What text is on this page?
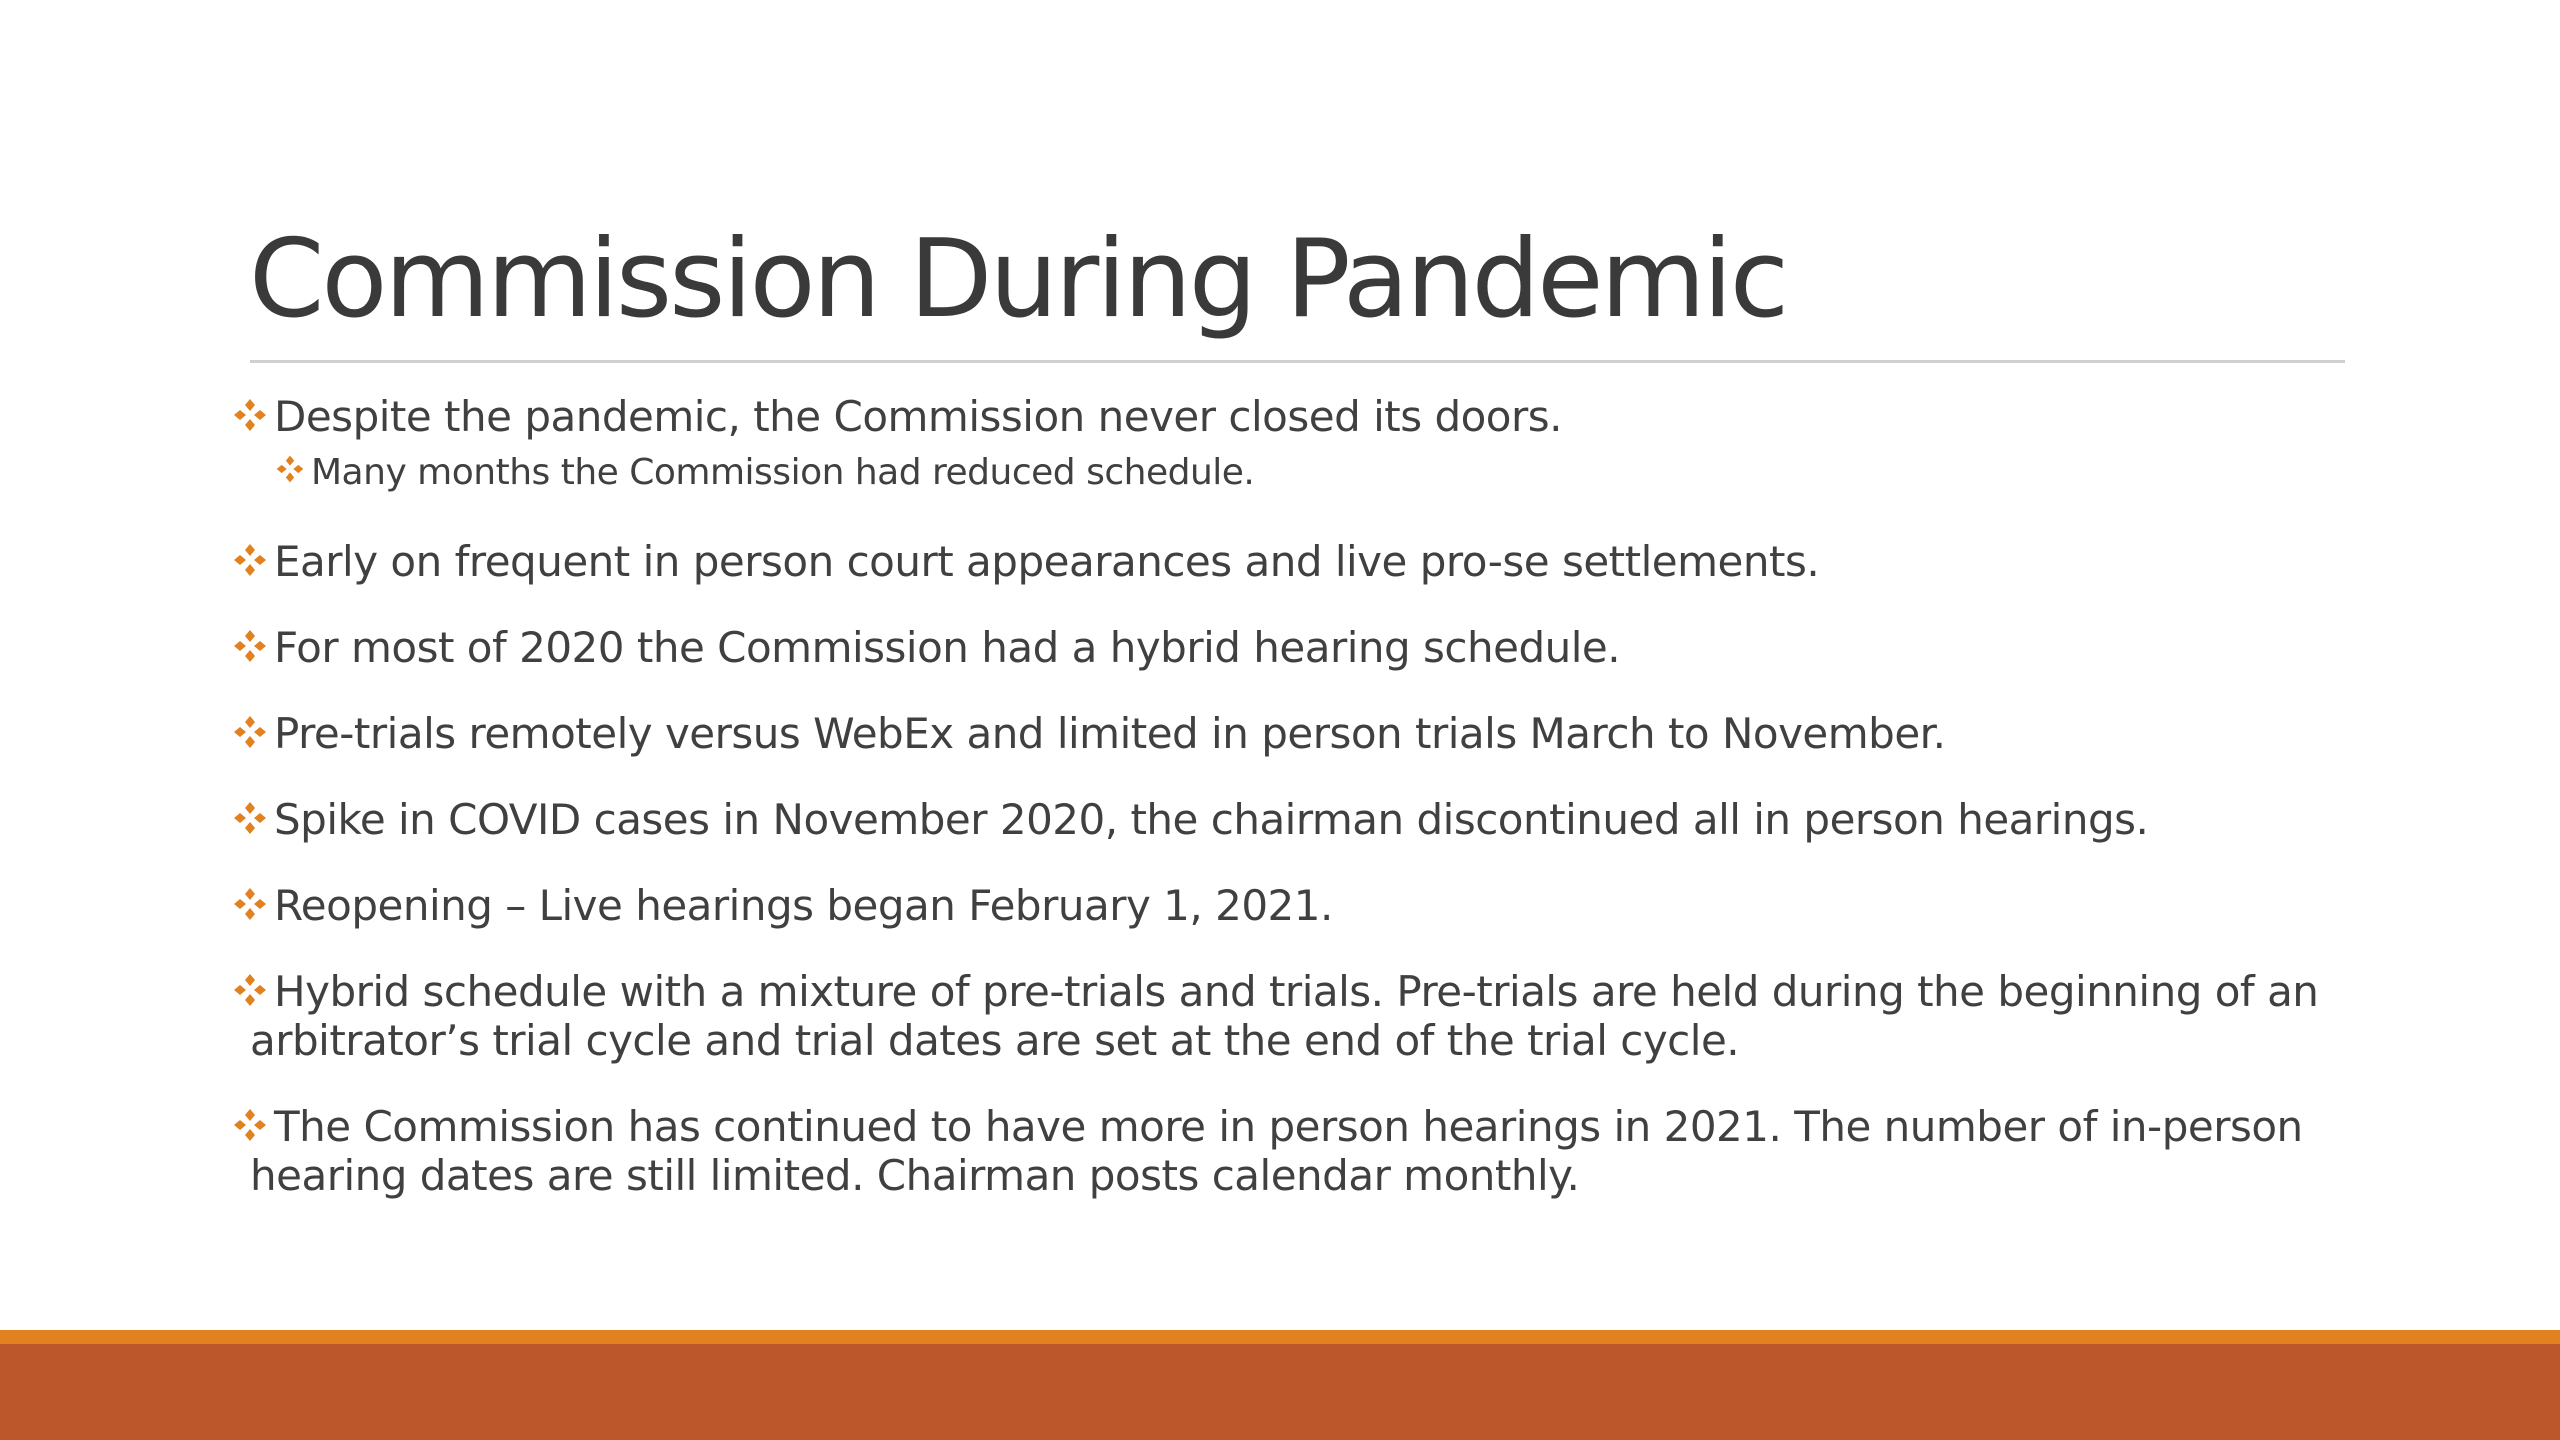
Commission During Pandemic
Despite the pandemic, the Commission never closed its doors.
Many months the Commission had reduced schedule.
Early on frequent in person court appearances and live pro-se settlements.
For most of 2020 the Commission had a hybrid hearing schedule.
Pre-trials remotely versus WebEx and limited in person trials March to November.
Spike in COVID cases in November 2020, the chairman discontinued all in person hearings.
Reopening – Live hearings began February 1, 2021.
Hybrid schedule with a mixture of pre-trials and trials. Pre-trials are held during the beginning of an
arbitrator’s trial cycle and trial dates are set at the end of the trial cycle.
The Commission has continued to have more in person hearings in 2021. The number of in-person
hearing dates are still limited. Chairman posts calendar monthly.
